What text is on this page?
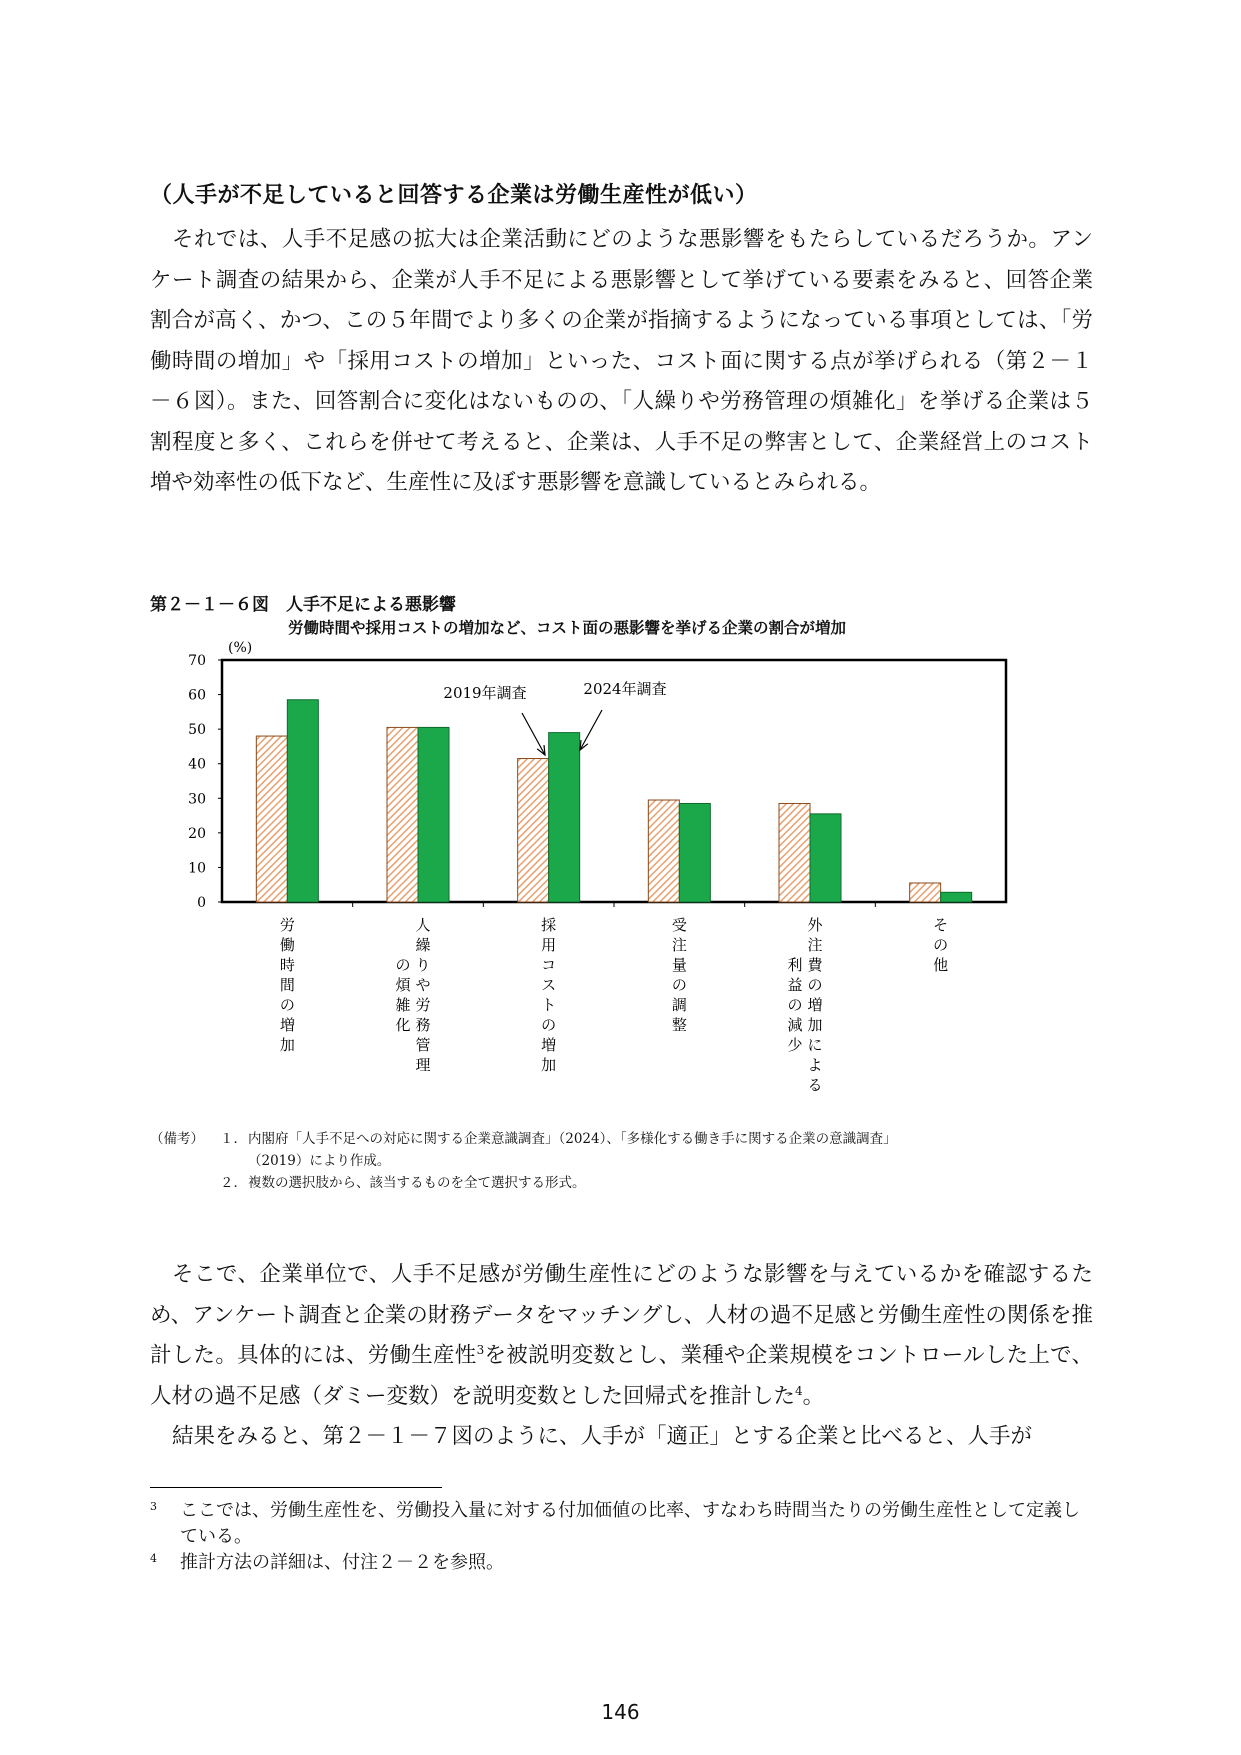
（人手が不足していると回答する企業は労働生産性が低い）

それでは、人手不足感の拡大は企業活動にどのような悪影響をもたらしているだろうか。アンケート調査の結果から、企業が人手不足による悪影響として挙げている要素をみると、回答企業割合が高く、かつ、この５年間でより多くの企業が指摘するようになっている事項としては、「労働時間の増加」や「採用コストの増加」といった、コスト面に関する点が挙げられる（第２－１－６図）。また、回答割合に変化はないものの、「人繰りや労務管理の煩雑化」を挙げる企業は５割程度と多く、これらを併せて考えると、企業は、人手不足の弊害として、企業経営上のコスト増や効率性の低下など、生産性に及ぼす悪影響を意識しているとみられる。

第２－１－６図　人手不足による悪影響
労働時間や採用コストの増加など、コスト面の悪影響を挙げる企業の割合が増加
(%)
0
10
20
30
40
50
60
70
労
働
時
間
の
増
加
人
繰
り
や
労
務
管
理
の
煩
雑
化
採
用
コ
ス
ト
の
増
加
受
注
量
の
調
整
外
注
費
の
増
加
に
よ
る
利
益
の
減
少
そ
の
他
2019年調査	2024年調査
（備考）	１． 内閣府「人手不足への対応に関する企業意識調査」（2024）、「多様化する働き手に関する企業の意識調査」
（2019）により作成。
２． 複数の選択肢から、該当するものを全て選択する形式。

そこで、企業単位で、人手不足感が労働生産性にどのような影響を与えているかを確認するため、アンケート調査と企業の財務データをマッチングし、人材の過不足感と労働生産性の関係を推計した。具体的には、労働生産性$^3$を被説明変数とし、業種や企業規模をコントロールした上で、人材の過不足感（ダミー変数）を説明変数とした回帰式を推計した$^4$。

結果をみると、第２－１－７図のように、人手が「適正」とする企業と比べると、人手が

3	ここでは、労働生産性を、労働投入量に対する付加価値の比率、すなわち時間当たりの労働生産性として定義している。
4	推計方法の詳細は、付注２－２を参照。
146
